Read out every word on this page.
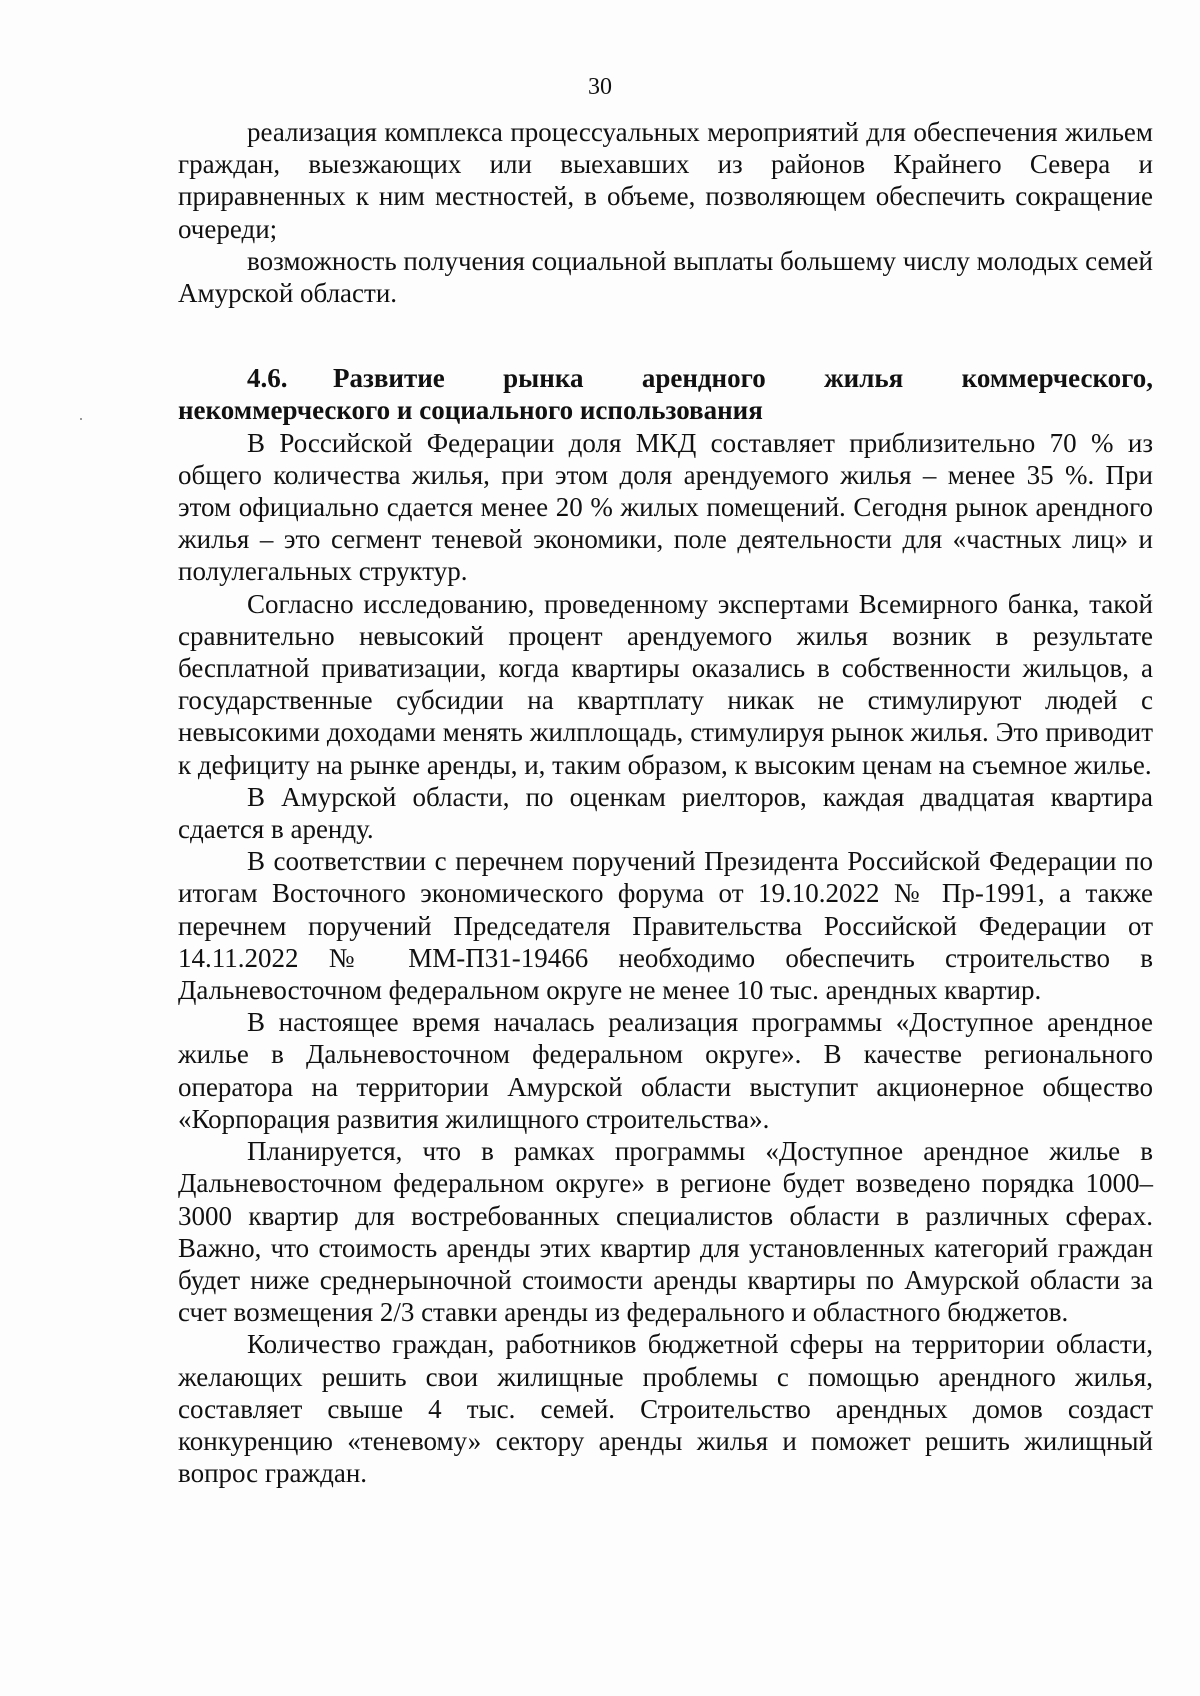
30

реализация комплекса процессуальных мероприятий для обеспечения жильем граждан, выезжающих или выехавших из районов Крайнего Севера и приравненных к ним местностей, в объеме, позволяющем обеспечить сокращение очереди;

возможность получения социальной выплаты большему числу молодых семей Амурской области.

4.6. Развитие рынка арендного жилья коммерческого, некоммерческого и социального использования

В Российской Федерации доля МКД составляет приблизительно 70 % из общего количества жилья, при этом доля арендуемого жилья – менее 35 %. При этом официально сдается менее 20 % жилых помещений. Сегодня рынок арендного жилья – это сегмент теневой экономики, поле деятельности для «частных лиц» и полулегальных структур.

Согласно исследованию, проведенному экспертами Всемирного банка, такой сравнительно невысокий процент арендуемого жилья возник в результате бесплатной приватизации, когда квартиры оказались в собственности жильцов, а государственные субсидии на квартплату никак не стимулируют людей с невысокими доходами менять жилплощадь, стимулируя рынок жилья. Это приводит к дефициту на рынке аренды, и, таким образом, к высоким ценам на съемное жилье.

В Амурской области, по оценкам риелторов, каждая двадцатая квартира сдается в аренду.

В соответствии с перечнем поручений Президента Российской Федерации по итогам Восточного экономического форума от 19.10.2022 № Пр-1991, а также перечнем поручений Председателя Правительства Российской Федерации от 14.11.2022 № ММ-П31-19466 необходимо обеспечить строительство в Дальневосточном федеральном округе не менее 10 тыс. арендных квартир.

В настоящее время началась реализация программы «Доступное арендное жилье в Дальневосточном федеральном округе». В качестве регионального оператора на территории Амурской области выступит акционерное общество «Корпорация развития жилищного строительства».

Планируется, что в рамках программы «Доступное арендное жилье в Дальневосточном федеральном округе» в регионе будет возведено порядка 1000–3000 квартир для востребованных специалистов области в различных сферах. Важно, что стоимость аренды этих квартир для установленных категорий граждан будет ниже среднерыночной стоимости аренды квартиры по Амурской области за счет возмещения 2/3 ставки аренды из федерального и областного бюджетов.

Количество граждан, работников бюджетной сферы на территории области, желающих решить свои жилищные проблемы с помощью арендного жилья, составляет свыше 4 тыс. семей. Строительство арендных домов создаст конкуренцию «теневому» сектору аренды жилья и поможет решить жилищный вопрос граждан.
